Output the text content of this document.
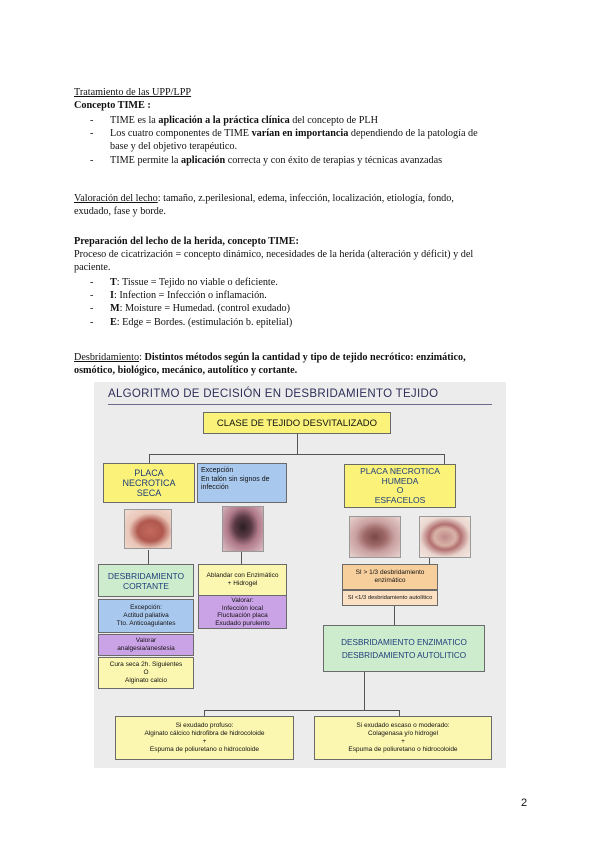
Tratamiento de las UPP/LPP
Concepto TIME :
- TIME es la aplicación a la práctica clínica del concepto de PLH
- Los cuatro componentes de TIME varían en importancia dependiendo de la patología de
base y del objetivo terapéutico.
- TIME permite la aplicación correcta y con éxito de terapias y técnicas avanzadas
Valoración del lecho: tamaño, z.perilesional, edema, infección, localización, etiología, fondo,
exudado, fase y borde.
Preparación del lecho de la herida, concepto TIME:
Proceso de cicatrización = concepto dinámico, necesidades de la herida (alteración y déficit) y del
paciente.
- T: Tissue = Tejido no viable o deficiente.
- I: Infection = Infección o inflamación.
- M: Moisture = Humedad. (control exudado)
- E: Edge = Bordes. (estimulación b. epitelial)
Desbridamiento: Distintos métodos según la cantidad y tipo de tejido necrótico: enzimático,
osmótico, biológico, mecánico, autolítico y cortante.
ALGORITMO DE DECISIÓN EN DESBRIDAMIENTO TEJIDO
CLASE DE TEJIDO DESVITALIZADO
PLACA
NECROTICA
SECA
Excepción
En talón sin signos de
infección
PLACA NECROTICA
HUMEDA
O
ESFACELOS
DESBRIDAMIENTO
CORTANTE
Excepción:
Actitud paliativa
Tto. Anticoagulantes
Valorar
analgesia/anestesia
Cura seca 2h. Siguientes
O
Alginato calcio
Ablandar con Enzimático
+ Hidrogel
Valorar:
Infección local
Fluctuación placa
Exudado purulento
SI > 1/3 desbridamiento
enzimático
SI <1/3 desbridamiento autolítico
DESBRIDAMIENTO ENZIMATICO
DESBRIDAMIENTO AUTOLITICO
Si exudado profuso:
Alginato cálcico hidrofibra de hidrocoloide
+
Espuma de poliuretano o hidrocoloide
Si exudado escaso o moderado:
Colagenasa y/o hidrogel
+
Espuma de poliuretano o hidrocoloide
2
